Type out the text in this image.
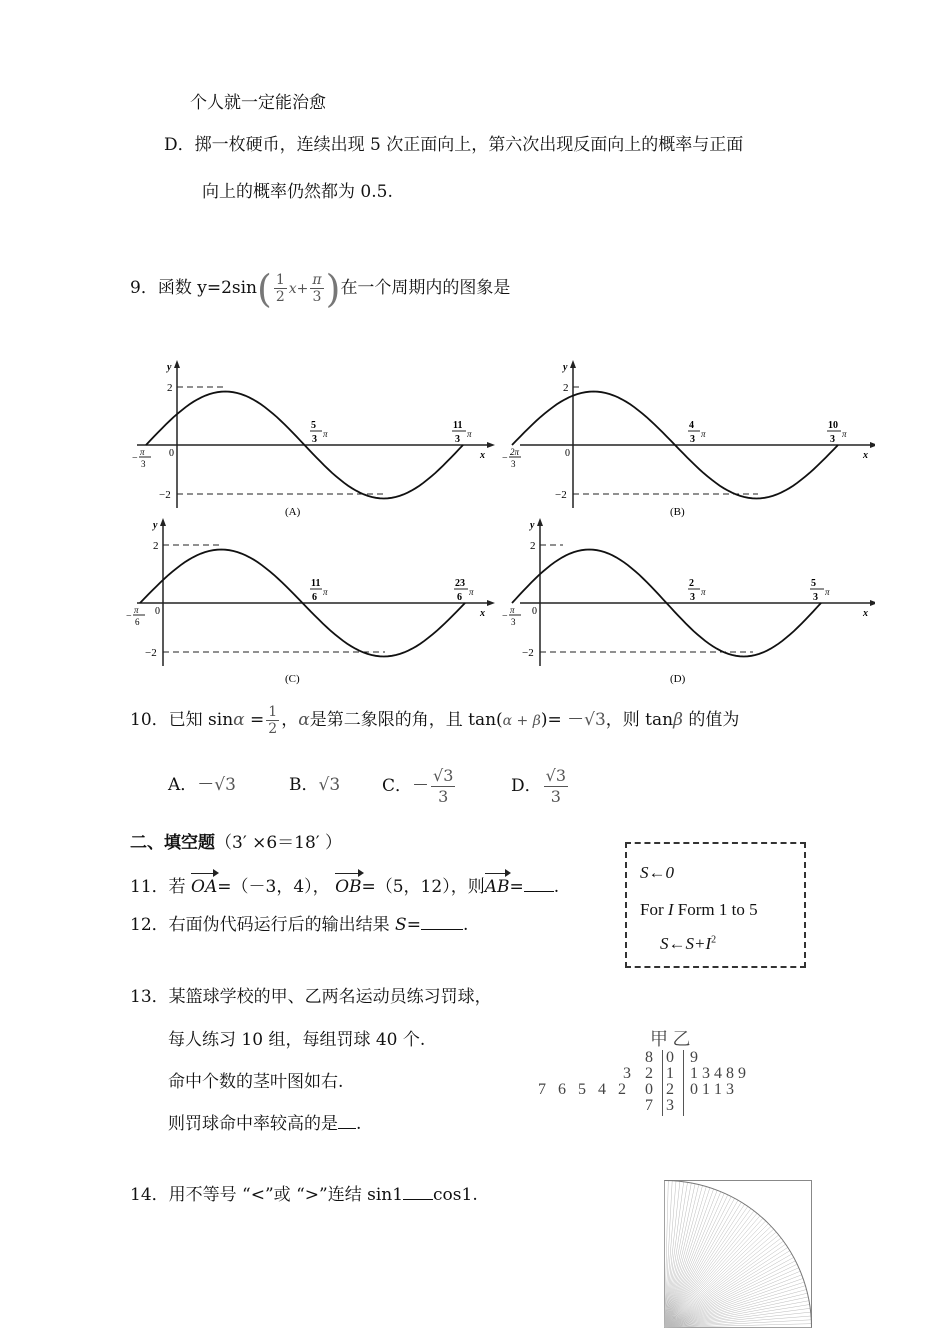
个人就一定能治愈
D．掷一枚硬币，连续出现 5 次正面向上，第六次出现反面向上的概率与正面
向上的概率仍然都为 0.5.
9．函数 $y=2\sin( \frac{1}{2} x+ \frac{\pi}{3}$ )在一个周期内的图象是
2
−2
0
y
x
−
π
3
5
3 π
11
3 π
(A)
2
−2
0
y
x
−
2π
3
4
3 π
10
3 π
(B)
2
−2
0
y
x
−
π
6
11
6 π
23
6 π
(C)
2
−2
0
y
x
−
π
3
2
3 π
5
3 π
(D)
10．已知 $\sin\alpha = \frac{1}{2}$ ，α是第二象限的角，且 tan(α + β)= －√3，则 tanβ 的值为
A．－√3	B．√3 C．－ $\frac{√3}{3}$	D． $\frac{√3}{3}$
二、填空题（3′ ×6＝18′ ）
11．若 OA=（－3，4）， OB=（5，12），则AB= .
12．右面伪代码运行后的输出结果 S= .
S←0
For I Form 1 to 5
$S\leftarrow S+I^2$
13．某篮球学校的甲、乙两名运动员练习罚球，
每人练习 10 组，每组罚球 40 个.
命中个数的茎叶图如右.
则罚球命中率较高的是 .
甲 乙
0
1
2
3
8
2
0
7
3
7 6 5 4 2
9
1 3 4 8 9
0 1 1 3
14．用不等号 “<”或 “>”连结 sin1 cos1.
